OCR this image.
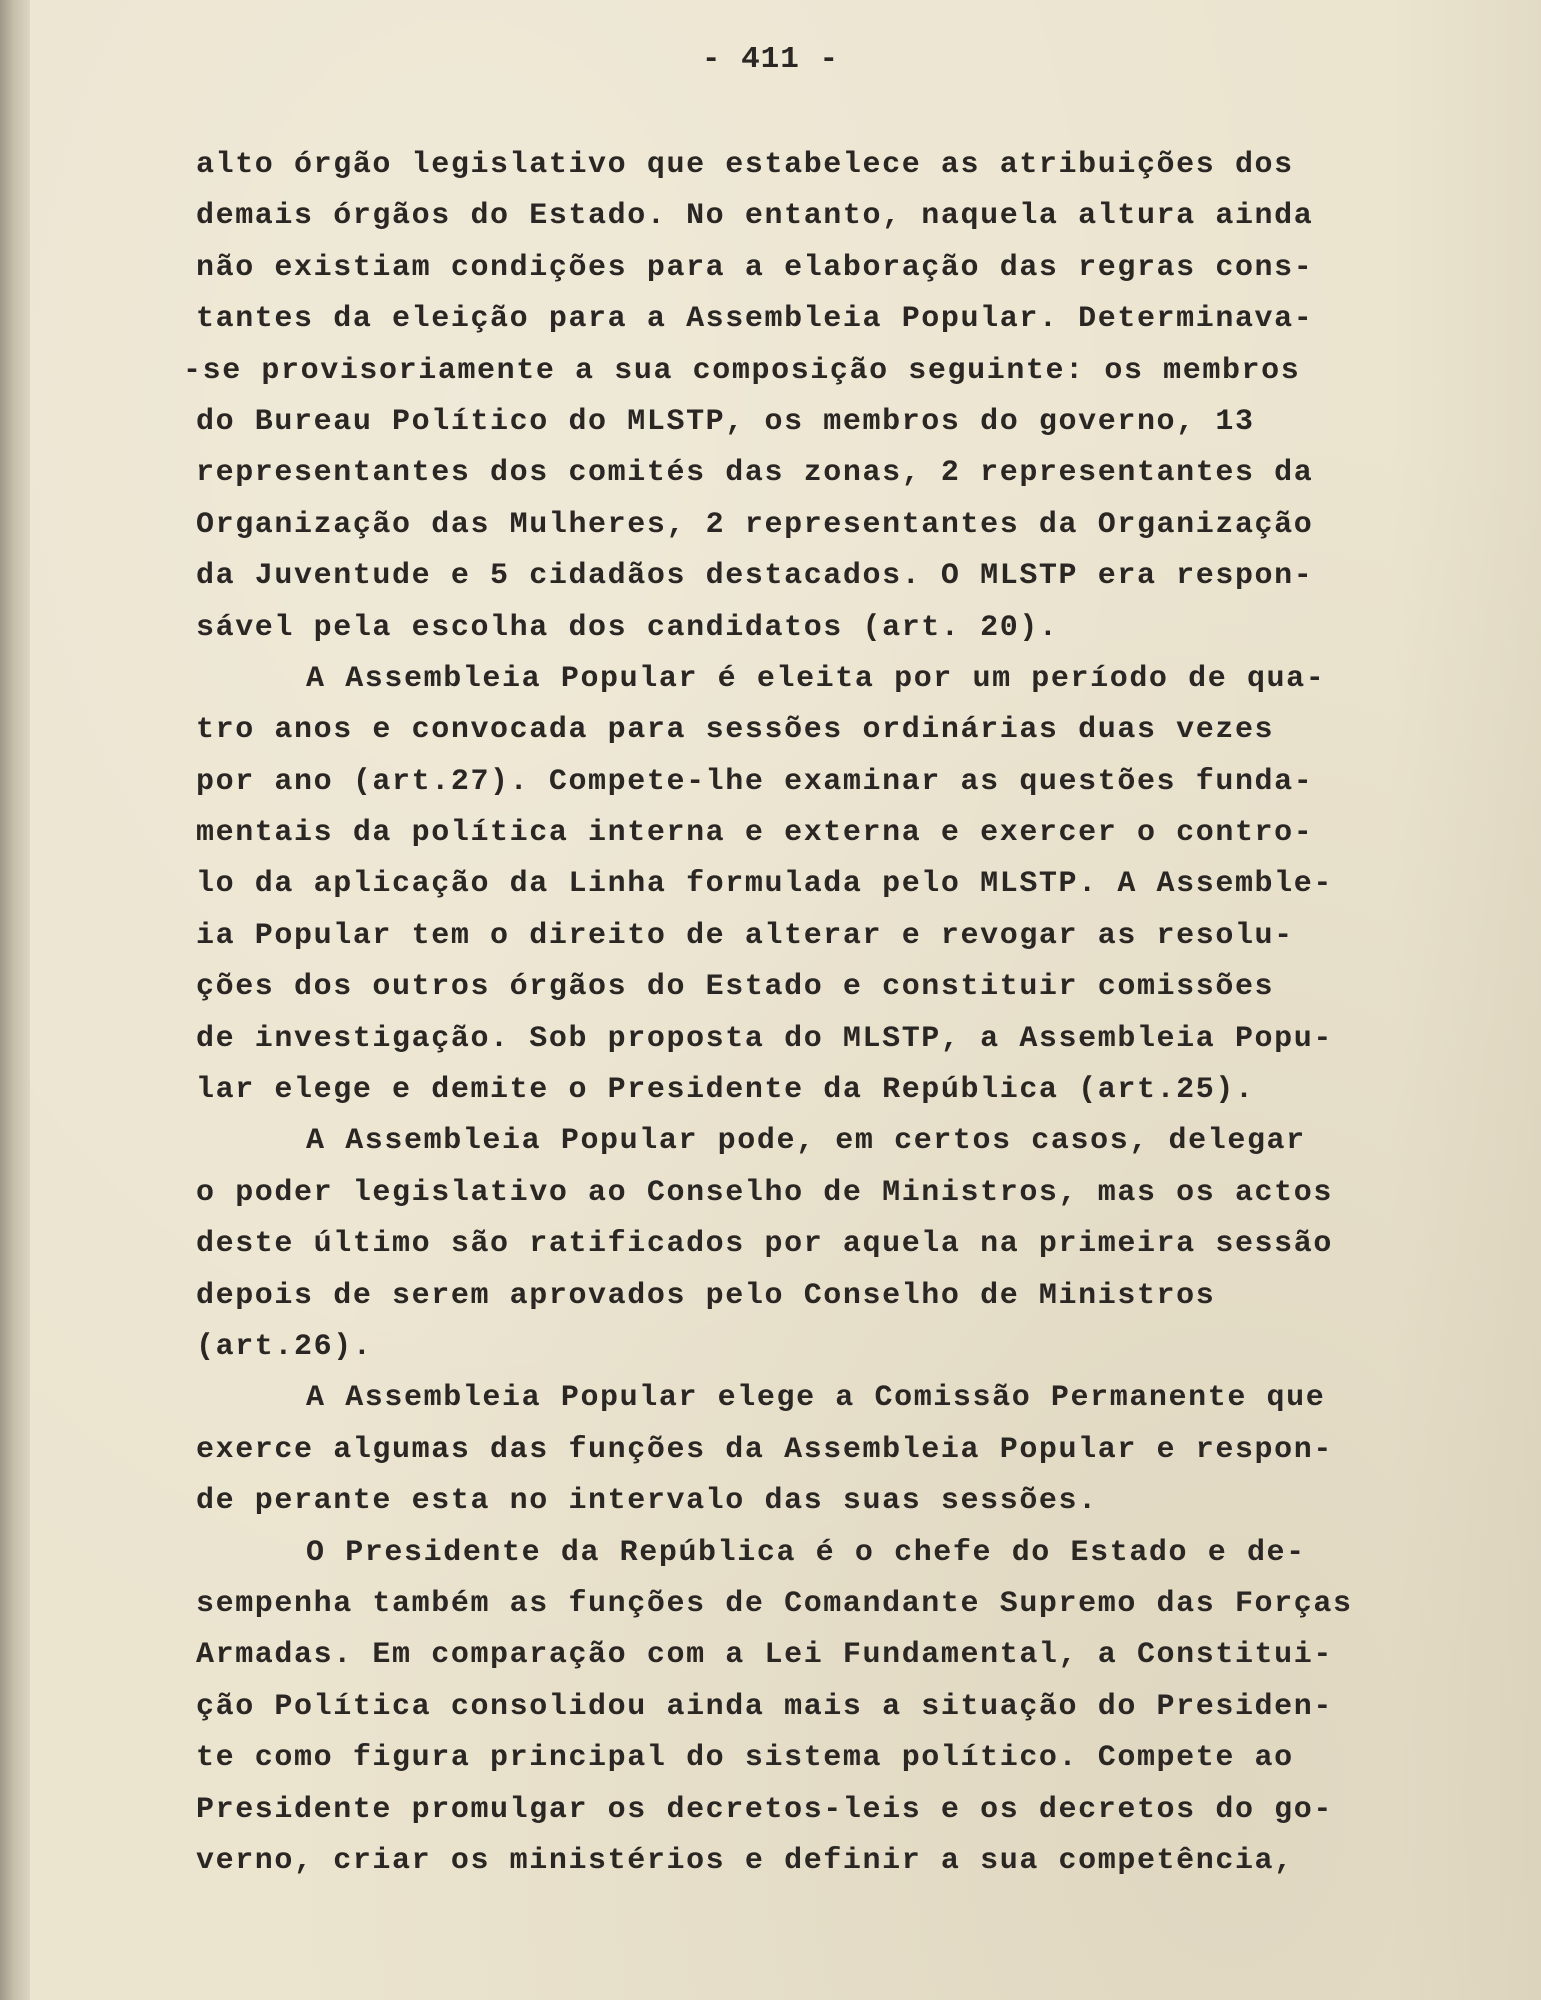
- 411 -
alto órgão legislativo que estabelece as atribuições dos
demais órgãos do Estado. No entanto, naquela altura ainda
não existiam condições para a elaboração das regras cons-
tantes da eleição para a Assembleia Popular. Determinava-
-se provisoriamente a sua composição seguinte: os membros
do Bureau Político do MLSTP, os membros do governo, 13
representantes dos comités das zonas, 2 representantes da
Organização das Mulheres, 2 representantes da Organização
da Juventude e 5 cidadãos destacados. O MLSTP era respon-
sável pela escolha dos candidatos (art. 20).
A Assembleia Popular é eleita por um período de qua-
tro anos e convocada para sessões ordinárias duas vezes
por ano (art.27). Compete-lhe examinar as questões funda-
mentais da política interna e externa e exercer o contro-
lo da aplicação da Linha formulada pelo MLSTP. A Assemble-
ia Popular tem o direito de alterar e revogar as resolu-
ções dos outros órgãos do Estado e constituir comissões
de investigação. Sob proposta do MLSTP, a Assembleia Popu-
lar elege e demite o Presidente da República (art.25).
A Assembleia Popular pode, em certos casos, delegar
o poder legislativo ao Conselho de Ministros, mas os actos
deste último são ratificados por aquela na primeira sessão
depois de serem aprovados pelo Conselho de Ministros
(art.26).
A Assembleia Popular elege a Comissão Permanente que
exerce algumas das funções da Assembleia Popular e respon-
de perante esta no intervalo das suas sessões.
O Presidente da República é o chefe do Estado e de-
sempenha também as funções de Comandante Supremo das Forças
Armadas. Em comparação com a Lei Fundamental, a Constitui-
ção Política consolidou ainda mais a situação do Presiden-
te como figura principal do sistema político. Compete ao
Presidente promulgar os decretos-leis e os decretos do go-
verno, criar os ministérios e definir a sua competência,
